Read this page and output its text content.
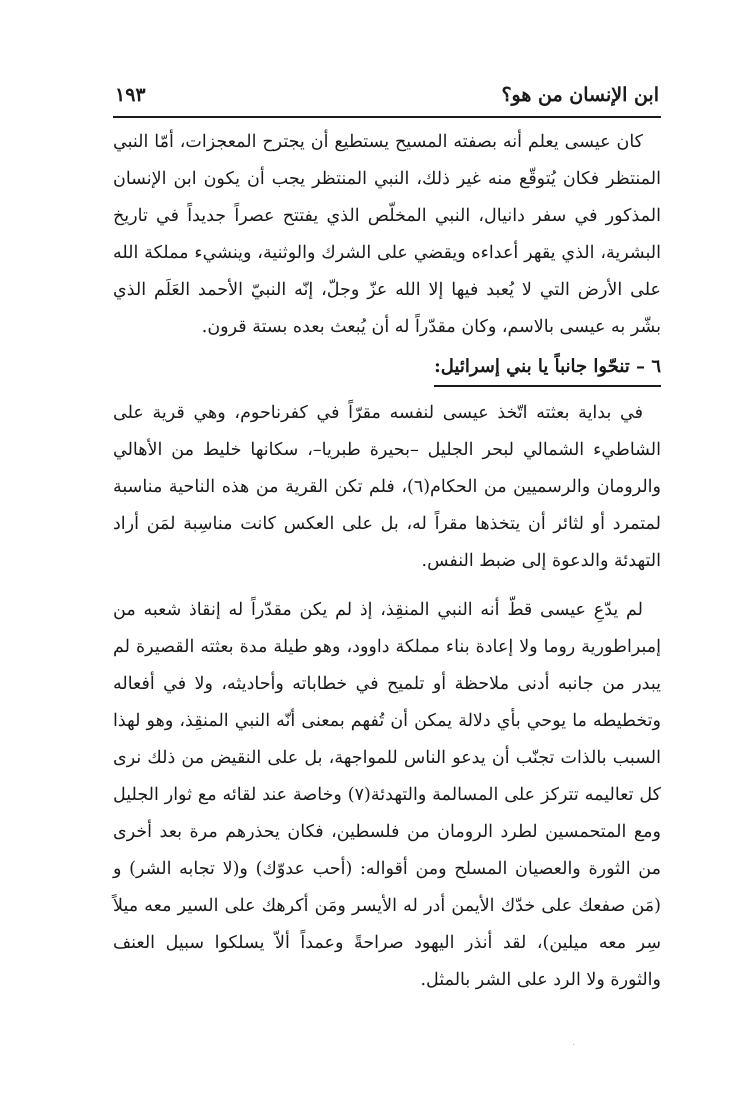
ابن الإنسان من هو؟
١٩٣

كان عيسى يعلم أنه بصفته المسيح يستطيع أن يجترح المعجزات، أمّا النبي المنتظر فكان يُتوقّع منه غير ذلك، النبي المنتظر يجب أن يكون ابن الإنسان المذكور في سفر دانيال، النبي المخلّص الذي يفتتح عصراً جديداً في تاريخ البشرية، الذي يقهر أعداءه ويقضي على الشرك والوثنية، وينشيء مملكة الله على الأرض التي لا يُعبد فيها إلا الله عزّ وجلّ، إنّه النبيّ الأحمد العَلَم الذي بشّر به عيسى بالاسم، وكان مقدّراً له أن يُبعث بعده بستة قرون.

٦ – تنحّوا جانباً يا بني إسرائيل:

في بداية بعثته اتّخذ عيسى لنفسه مقرّاً في كفرناحوم، وهي قرية على الشاطيء الشمالي لبحر الجليل –بحيرة طبريا–، سكانها خليط من الأهالي والرومان والرسميين من الحكام(٦)، فلم تكن القرية من هذه الناحية مناسبة لمتمرد أو لثائر أن يتخذها مقراً له، بل على العكس كانت مناسِبة لمَن أراد التهدئة والدعوة إلى ضبط النفس.

لم يدّعِ عيسى قطّ أنه النبي المنقِذ، إذ لم يكن مقدّراً له إنقاذ شعبه من إمبراطورية روما ولا إعادة بناء مملكة داوود، وهو طيلة مدة بعثته القصيرة لم يبدر من جانبه أدنى ملاحظة أو تلميح في خطاباته وأحاديثه، ولا في أفعاله وتخطيطه ما يوحي بأي دلالة يمكن أن تُفهم بمعنى أنّه النبي المنقِذ، وهو لهذا السبب بالذات تجنّب أن يدعو الناس للمواجهة، بل على النقيض من ذلك نرى كل تعاليمه تتركز على المسالمة والتهدئة(٧) وخاصة عند لقائه مع ثوار الجليل ومع المتحمسين لطرد الرومان من فلسطين، فكان يحذرهم مرة بعد أخرى من الثورة والعصيان المسلح ومن أقواله: (أحب عدوّك) و(لا تجابه الشر) و (مَن صفعك على خدّك الأيمن أدر له الأيسر ومَن أكرهك على السير معه ميلاً سِر معه ميلين)، لقد أنذر اليهود صراحةً وعمداً ألاّ يسلكوا سبيل العنف والثورة ولا الرد على الشر بالمثل.

·
